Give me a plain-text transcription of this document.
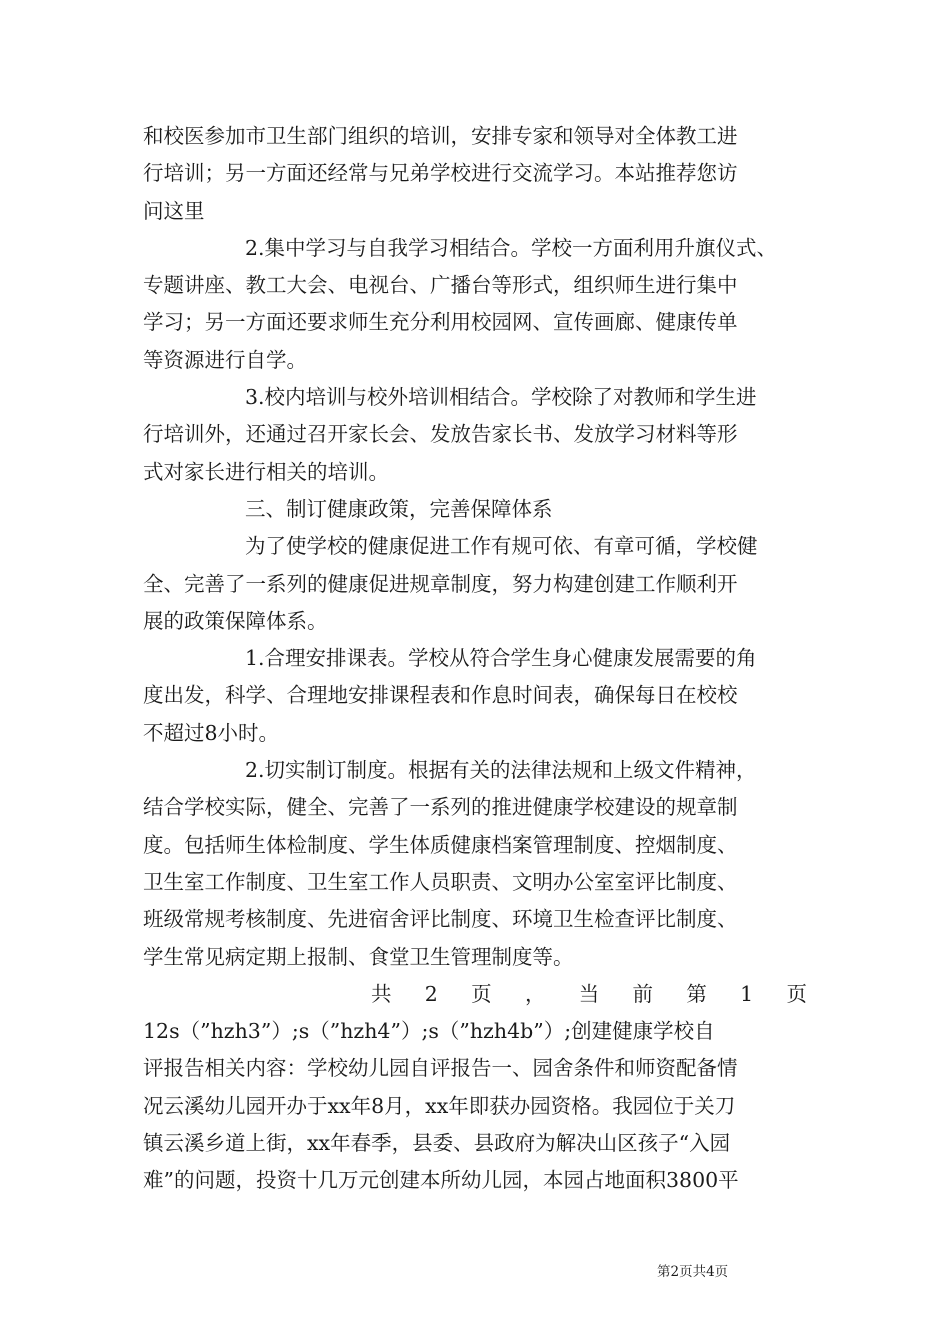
和校医参加市卫生部门组织的培训，安排专家和领导对全体教工进
行培训；另一方面还经常与兄弟学校进行交流学习。本站推荐您访
问这里
2.集中学习与自我学习相结合。学校一方面利用升旗仪式、
专题讲座、教工大会、电视台、广播台等形式，组织师生进行集中
学习；另一方面还要求师生充分利用校园网、宣传画廊、健康传单
等资源进行自学。
3.校内培训与校外培训相结合。学校除了对教师和学生进
行培训外，还通过召开家长会、发放告家长书、发放学习材料等形
式对家长进行相关的培训。
三、制订健康政策，完善保障体系
为了使学校的健康促进工作有规可依、有章可循，学校健
全、完善了一系列的健康促进规章制度，努力构建创建工作顺利开
展的政策保障体系。
1.合理安排课表。学校从符合学生身心健康发展需要的角
度出发，科学、合理地安排课程表和作息时间表，确保每日在校校
不超过8小时。
2.切实制订制度。根据有关的法律法规和上级文件精神，
结合学校实际，健全、完善了一系列的推进健康学校建设的规章制
度。包括师生体检制度、学生体质健康档案管理制度、控烟制度、
卫生室工作制度、卫生室工作人员职责、文明办公室室评比制度、
班级常规考核制度、先进宿舍评比制度、环境卫生检查评比制度、
学生常见病定期上报制、食堂卫生管理制度等。
共 2 页 ， 当 前 第 1 页
12s（”hzh3”）;s（”hzh4”）;s（”hzh4b”）;创建健康学校自
评报告相关内容：学校幼儿园自评报告一、园舍条件和师资配备情
况云溪幼儿园开办于xx年8月，xx年即获办园资格。我园位于关刀
镇云溪乡道上街，xx年春季，县委、县政府为解决山区孩子“入园
难”的问题，投资十几万元创建本所幼儿园，本园占地面积3800平
第2页共4页
